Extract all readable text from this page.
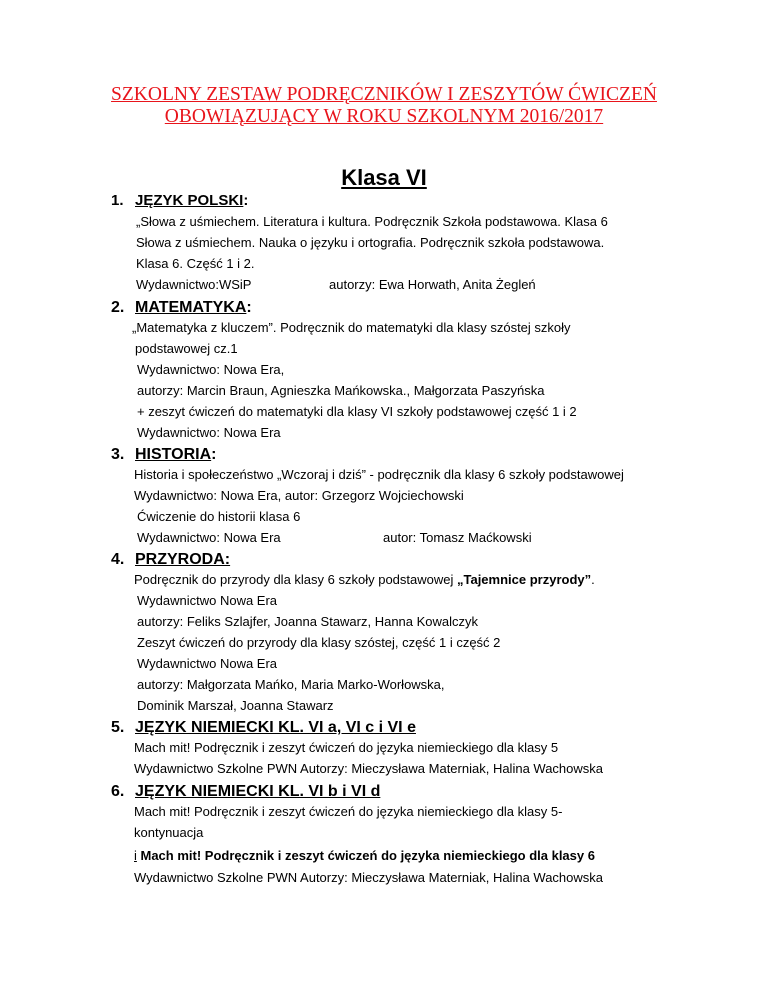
SZKOLNY ZESTAW PODRĘCZNIKÓW I ZESZYTÓW ĆWICZEŃ
OBOWIĄZUJĄCY W ROKU SZKOLNYM 2016/2017
Klasa VI
1. JĘZYK POLSKI:
„Słowa z uśmiechem. Literatura i kultura. Podręcznik Szkoła podstawowa. Klasa 6
Słowa z uśmiechem. Nauka o języku i ortografia. Podręcznik szkoła podstawowa.
Klasa 6. Część 1 i 2.
Wydawnictwo:WSiP	autorzy: Ewa Horwath, Anita Żegleń
2. MATEMATYKA:
„Matematyka z kluczem”. Podręcznik do matematyki dla klasy szóstej szkoły
podstawowej cz.1
Wydawnictwo: Nowa Era,
autorzy: Marcin Braun, Agnieszka Mańkowska., Małgorzata Paszyńska
+ zeszyt ćwiczeń do matematyki dla klasy VI szkoły podstawowej część 1 i 2
Wydawnictwo: Nowa Era
3. HISTORIA:
Historia i społeczeństwo „Wczoraj i dziś” - podręcznik dla klasy 6 szkoły podstawowej
Wydawnictwo: Nowa Era, autor: Grzegorz Wojciechowski
Ćwiczenie do historii klasa 6
Wydawnictwo: Nowa Era	autor: Tomasz Maćkowski
4. PRZYRODA:
Podręcznik do przyrody dla klasy 6 szkoły podstawowej „Tajemnice przyrody”.
Wydawnictwo Nowa Era
autorzy: Feliks Szlajfer, Joanna Stawarz, Hanna Kowalczyk
Zeszyt ćwiczeń do przyrody dla klasy szóstej, część 1 i część 2
Wydawnictwo Nowa Era
autorzy: Małgorzata Mańko, Maria Marko-Worłowska,
Dominik Marszał, Joanna Stawarz
5. JĘZYK NIEMIECKI KL. VI a, VI c i VI e
Mach mit! Podręcznik i zeszyt ćwiczeń do języka niemieckiego dla klasy 5
Wydawnictwo Szkolne PWN Autorzy: Mieczysława Materniak, Halina Wachowska
6. JĘZYK NIEMIECKI KL. VI b i VI d
Mach mit! Podręcznik i zeszyt ćwiczeń do języka niemieckiego dla klasy 5-
kontynuacja
i Mach mit! Podręcznik i zeszyt ćwiczeń do języka niemieckiego dla klasy 6
Wydawnictwo Szkolne PWN Autorzy: Mieczysława Materniak, Halina Wachowska
